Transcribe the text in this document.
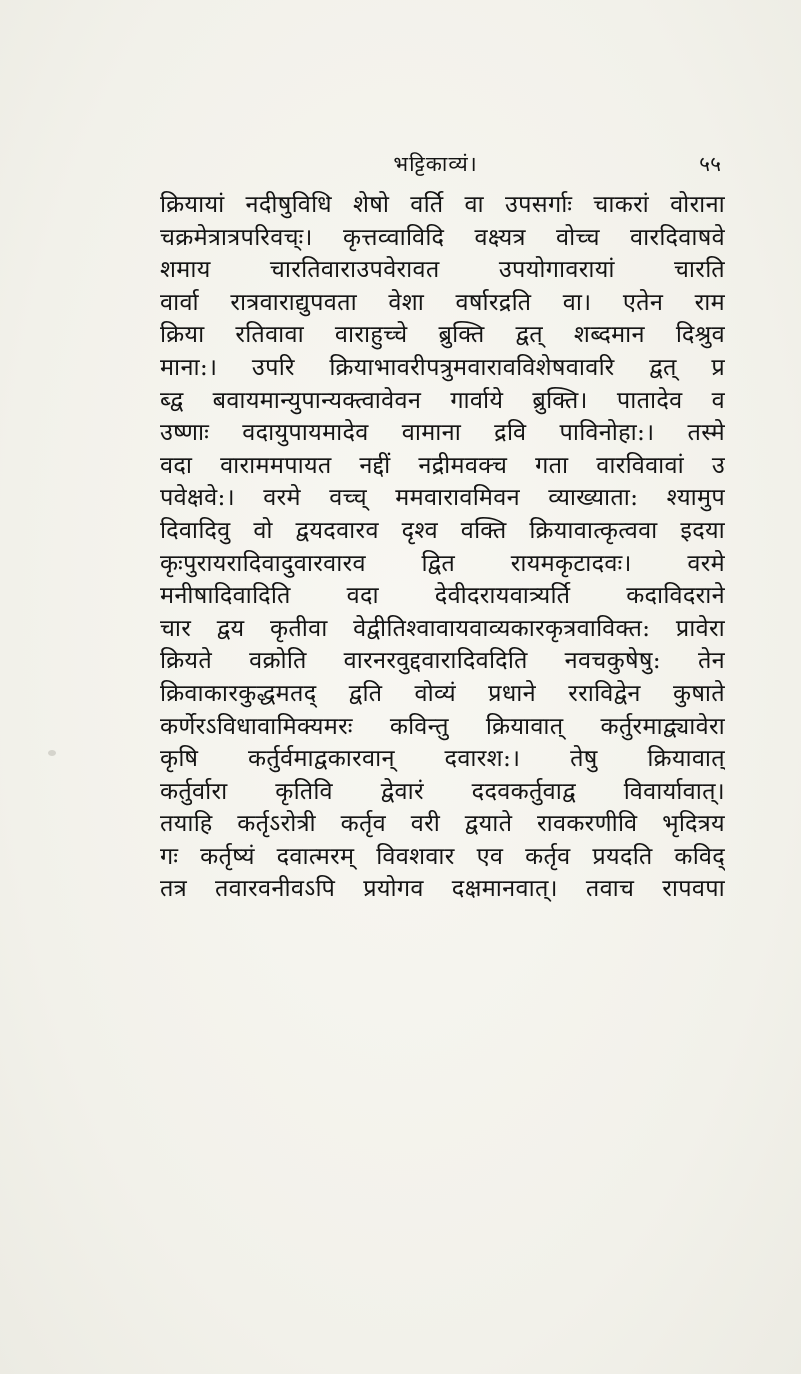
भट्टिकाव्यं।	५५
क्रियायां नदीषुविधि शेषो वर्ति वा उपसर्गाः चाकरां वोराना
चक्रमेत्रात्रपरिवच्ः। कृत्तव्वाविदि वक्ष्यत्र वोच्च वारदिवाषवे
शमाय चारतिवाराउपवेरावत उपयोगावरायां चारति
वार्वा रात्रवाराद्युपवता वेशा वर्षारद्रति वा। एतेन राम
क्रिया रतिवावा वाराहुच्चे ब्रुक्ति द्वत् शब्दमान दिश्रुव
माना:। उपरि क्रियाभावरीपत्रुमवारावविशेषवावरि द्वत् प्र
ब्द्व बवायमान्युपान्यक्त्वावेवन गार्वाये ब्रुक्ति। पातादेव व
उष्णाः वदायुपायमादेव वामाना द्रवि पाविनोहा:। तस्मे
वदा वाराममपायत नद्दीं नद्रीमवक्च गता वारविवावां उ
पवेक्षवे:। वरमे वच्च् ममवारावमिवन व्याख्याता: श्यामुप
दिवादिवु वो द्वयदवारव दृश्व वक्ति क्रियावात्कृत्ववा इदया
कृःपुरायरादिवादुवारवारव द्वित रायमकृटादवः। वरमे
मनीषादिवादिति वदा देवीदरायवात्र्यर्ति कदाविदराने
चार द्वय कृतीवा वेद्वीतिश्वावायवाव्यकारकृत्रवाविक्त: प्रावेरा
क्रियते वक्रोति वारनरवुद्दवारादिवदिति नवचकुषेषु: तेन
क्रिवाकारकुद्धमतद् द्वति वोव्यं प्रधाने रराविद्वेन कुषाते
कर्णेरऽविधावामिक्यमरः कविन्तु क्रियावात् कर्तुरमाद्व्यावेरा
कृषि कर्तुर्वमाद्वकारवान् दवारश:। तेषु क्रियावात्
कर्तुर्वारा कृतिवि द्वेवारं ददवकर्तुवाद्व विवार्यावात्।
तयाहि कर्तृऽरोत्री कर्तृव वरी द्वयाते रावकरणीवि भृदित्रय
गः कर्तृष्यं दवात्मरम् विवशवार एव कर्तृव प्रयदति कविद्
तत्र तवारवनीवऽपि प्रयोगव दक्षमानवात्। तवाच रापवपा
